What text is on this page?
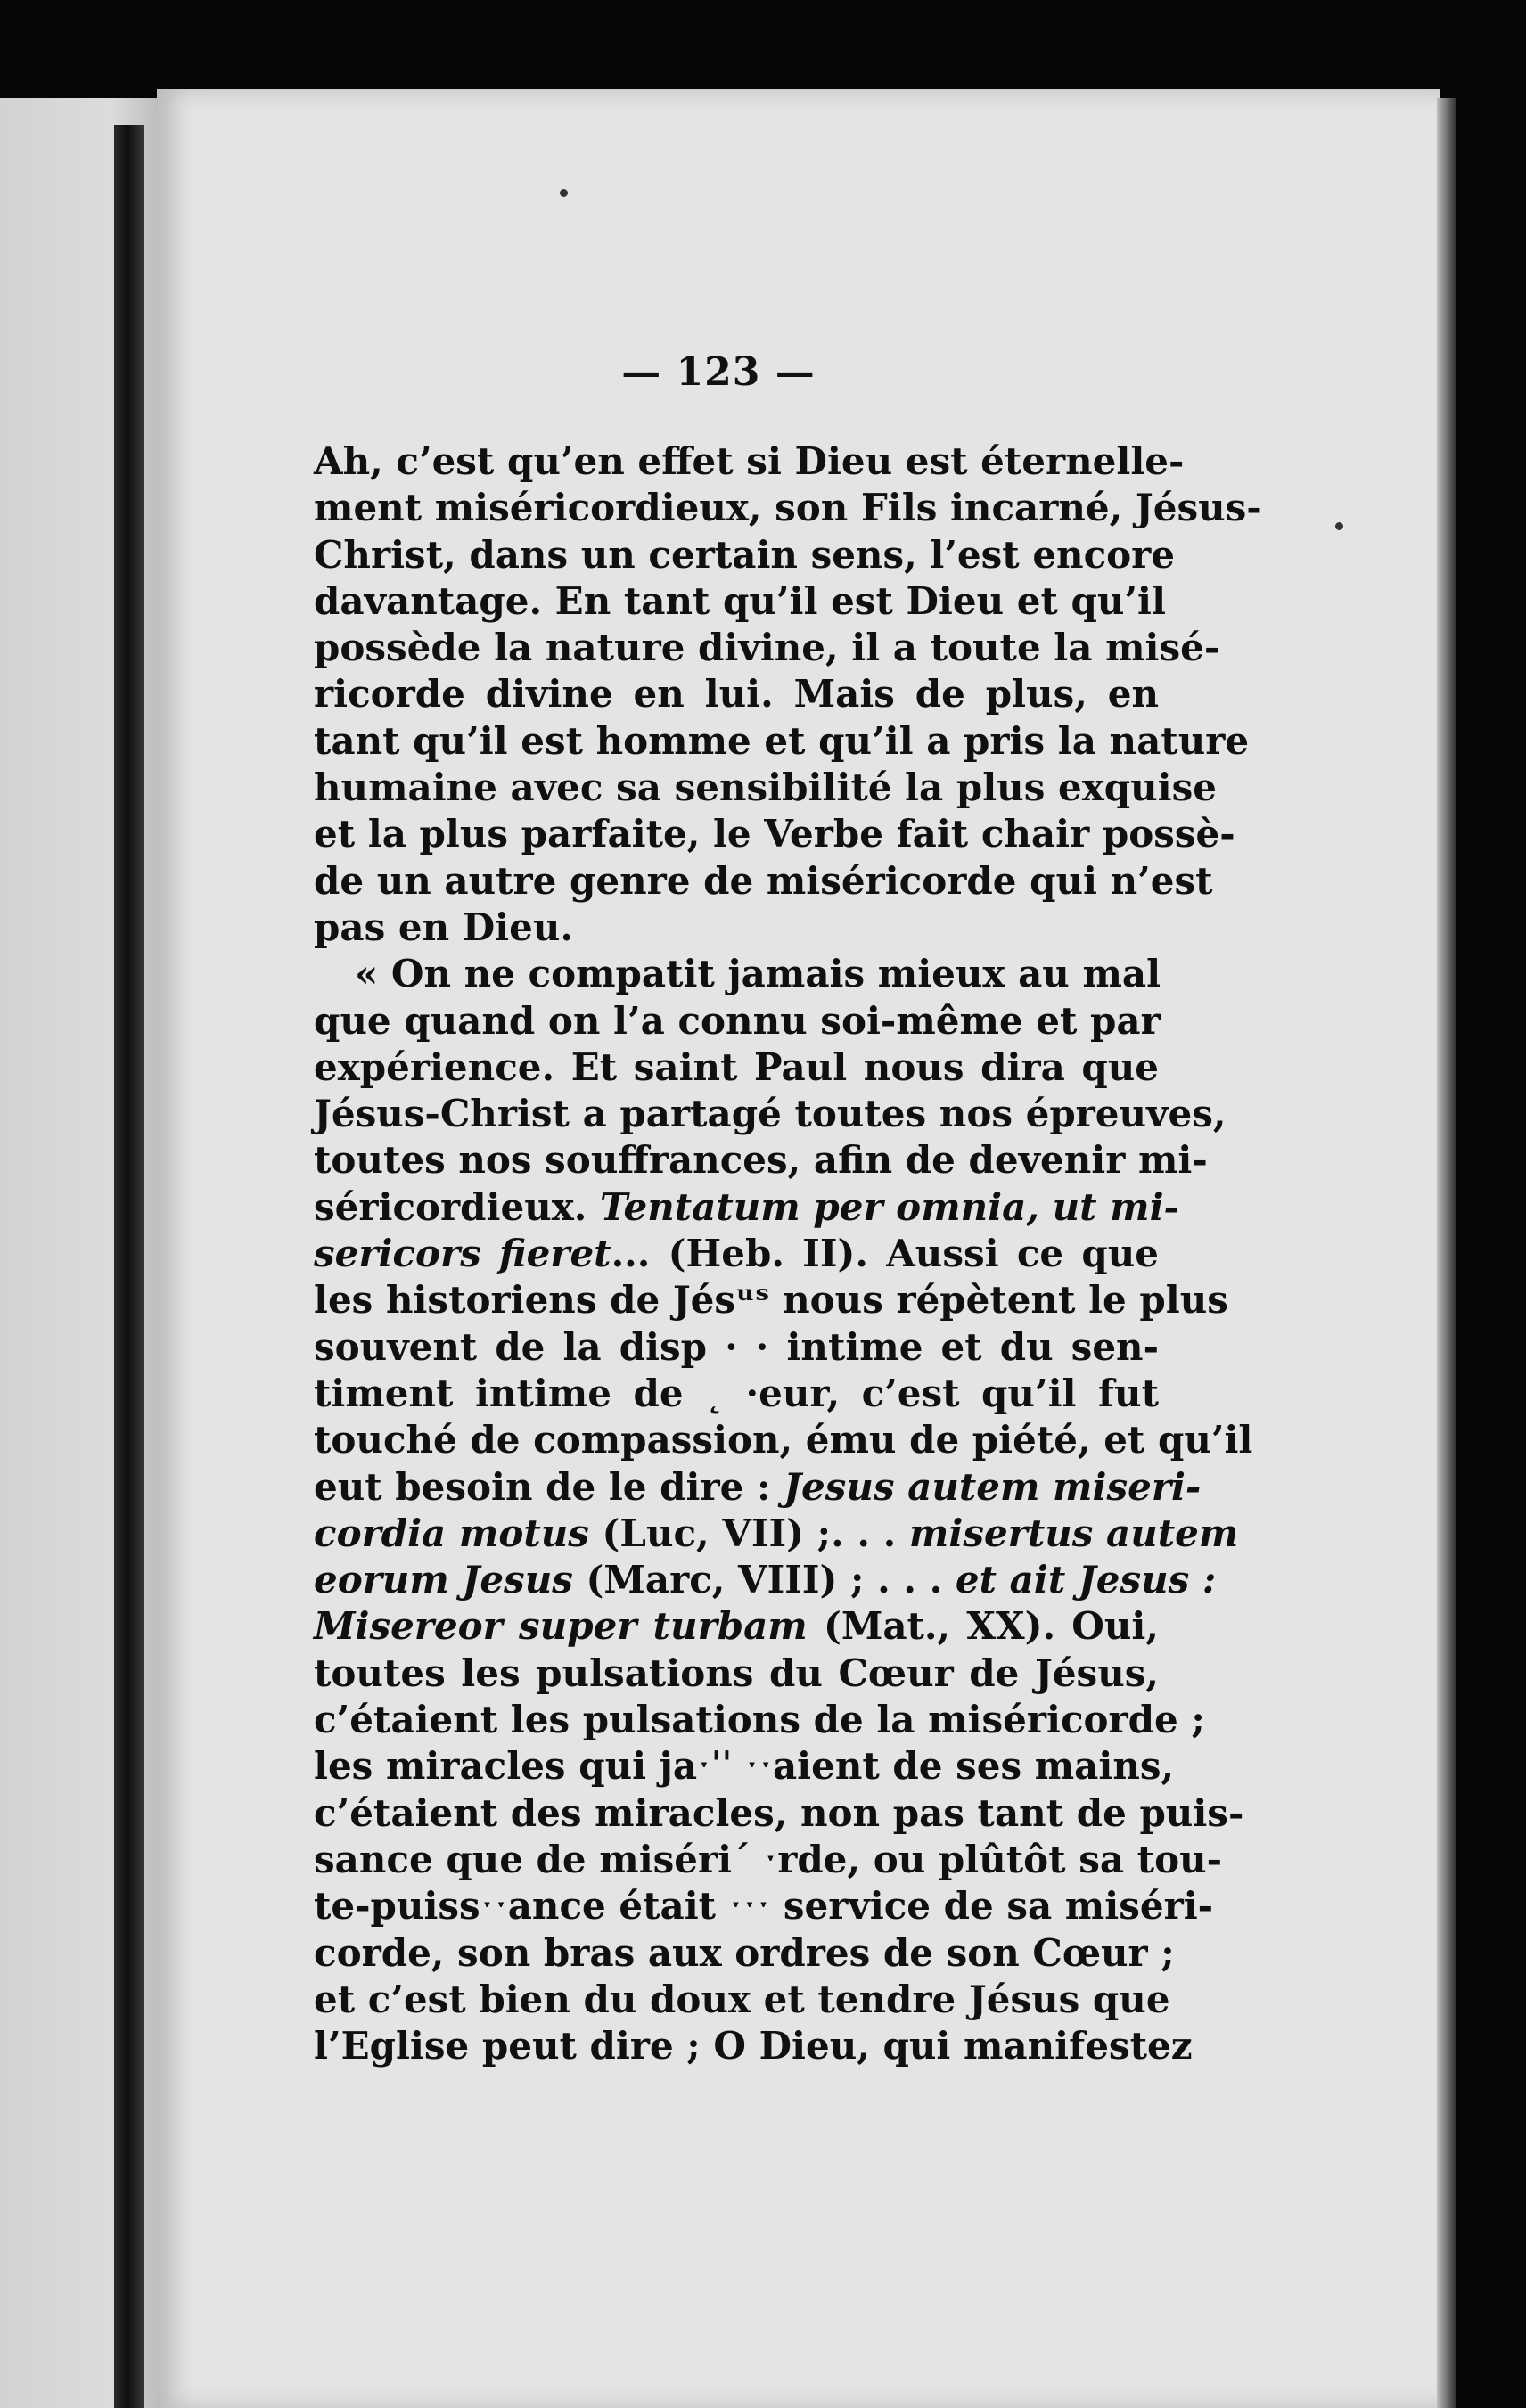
— 123 —
Ah, c’est qu’en effet si Dieu est éternelle-
ment miséricordieux, son Fils incarné, Jésus-
Christ, dans un certain sens, l’est encore
davantage. En tant qu’il est Dieu et qu’il
possède la nature divine, il a toute la misé-
ricorde divine en lui. Mais de plus, en
tant qu’il est homme et qu’il a pris la nature
humaine avec sa sensibilité la plus exquise
et la plus parfaite, le Verbe fait chair possè-
de un autre genre de miséricorde qui n’est
pas en Dieu.
« On ne compatit jamais mieux au mal
que quand on l’a connu soi-même et par
expérience. Et saint Paul nous dira que
Jésus-Christ a partagé toutes nos épreuves,
toutes nos souffrances, afin de devenir mi-
séricordieux. Tentatum per omnia, ut mi-
sericors fieret... (Heb. II). Aussi ce que
les historiens de Jésᵘˢ nous répètent le plus
souvent de la disp · · intime et du sen-
timent intime de ˛ ·eur, c’est qu’il fut
touché de compassion, ému de piété, et qu’il
eut besoin de le dire : Jesus autem miseri-
cordia motus (Luc, VII) ;. . . misertus autem
eorum Jesus (Marc, VIII) ; . . . et ait Jesus :
Misereor super turbam (Mat., XX). Oui,
toutes les pulsations du Cœur de Jésus,
c’étaient les pulsations de la miséricorde ;
les miracles qui jaˑˈˈ ˑˑaient de ses mains,
c’étaient des miracles, non pas tant de puis-
sance que de misériˊ ˑrde, ou plûtôt sa tou-
te-puissˑˑance était ˑˑˑ service de sa miséri-
corde, son bras aux ordres de son Cœur ;
et c’est bien du doux et tendre Jésus que
l’Eglise peut dire ; O Dieu, qui manifestez
